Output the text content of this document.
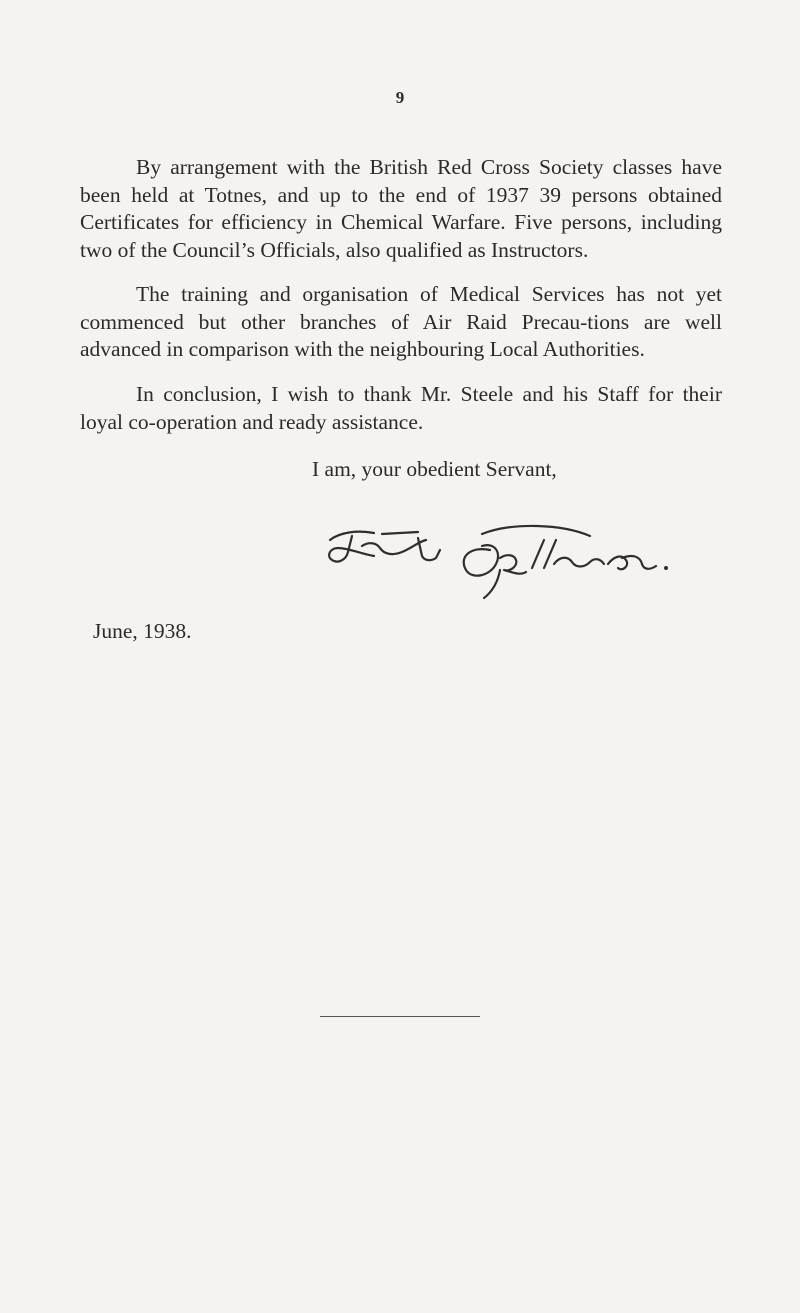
9

By arrangement with the British Red Cross Society classes have been held at Totnes, and up to the end of 1937 39 persons obtained Certificates for efficiency in Chemical Warfare. Five persons, including two of the Council’s Officials, also qualified as Instructors.

The training and organisation of Medical Services has not yet commenced but other branches of Air Raid Precau-tions are well advanced in comparison with the neighbouring Local Authorities.

In conclusion, I wish to thank Mr. Steele and his Staff for their loyal co-operation and ready assistance.

I am, your obedient Servant,
June, 1938.
